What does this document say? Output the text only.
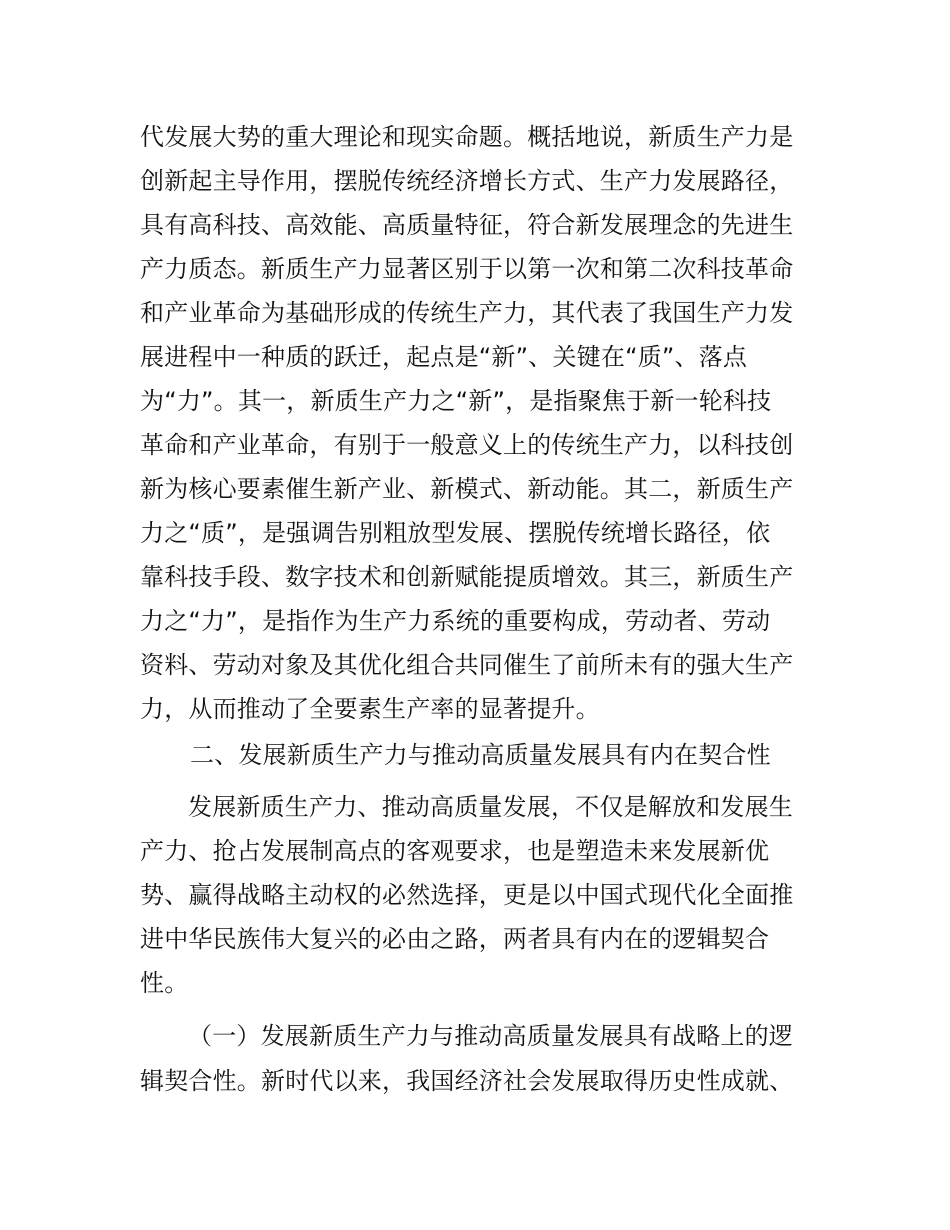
代发展大势的重大理论和现实命题。概括地说，新质生产力是
创新起主导作用，摆脱传统经济增长方式、生产力发展路径，
具有高科技、高效能、高质量特征，符合新发展理念的先进生
产力质态。新质生产力显著区别于以第一次和第二次科技革命
和产业革命为基础形成的传统生产力，其代表了我国生产力发
展进程中一种质的跃迁，起点是“新”、关键在“质”、落点
为“力”。其一，新质生产力之“新”，是指聚焦于新一轮科技
革命和产业革命，有别于一般意义上的传统生产力，以科技创
新为核心要素催生新产业、新模式、新动能。其二，新质生产
力之“质”，是强调告别粗放型发展、摆脱传统增长路径，依
靠科技手段、数字技术和创新赋能提质增效。其三，新质生产
力之“力”，是指作为生产力系统的重要构成，劳动者、劳动
资料、劳动对象及其优化组合共同催生了前所未有的强大生产
力，从而推动了全要素生产率的显著提升。
二、发展新质生产力与推动高质量发展具有内在契合性
发展新质生产力、推动高质量发展，不仅是解放和发展生
产力、抢占发展制高点的客观要求，也是塑造未来发展新优
势、赢得战略主动权的必然选择，更是以中国式现代化全面推
进中华民族伟大复兴的必由之路，两者具有内在的逻辑契合
性。
（一）发展新质生产力与推动高质量发展具有战略上的逻
辑契合性。新时代以来，我国经济社会发展取得历史性成就、
